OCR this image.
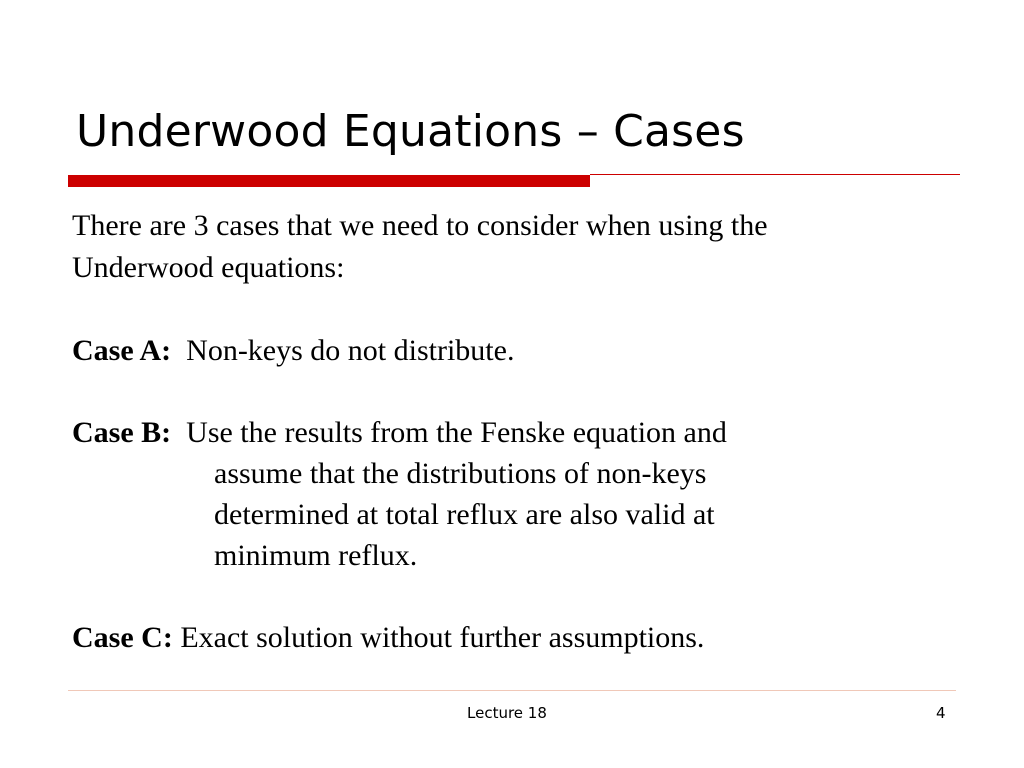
Underwood Equations – Cases
There are 3 cases that we need to consider when using the
Underwood equations:
Case A: Non-keys do not distribute.
Case B: Use the results from the Fenske equation and
assume that the distributions of non-keys
determined at total reflux are also valid at
minimum reflux.
Case C: Exact solution without further assumptions.
Lecture 18	4
